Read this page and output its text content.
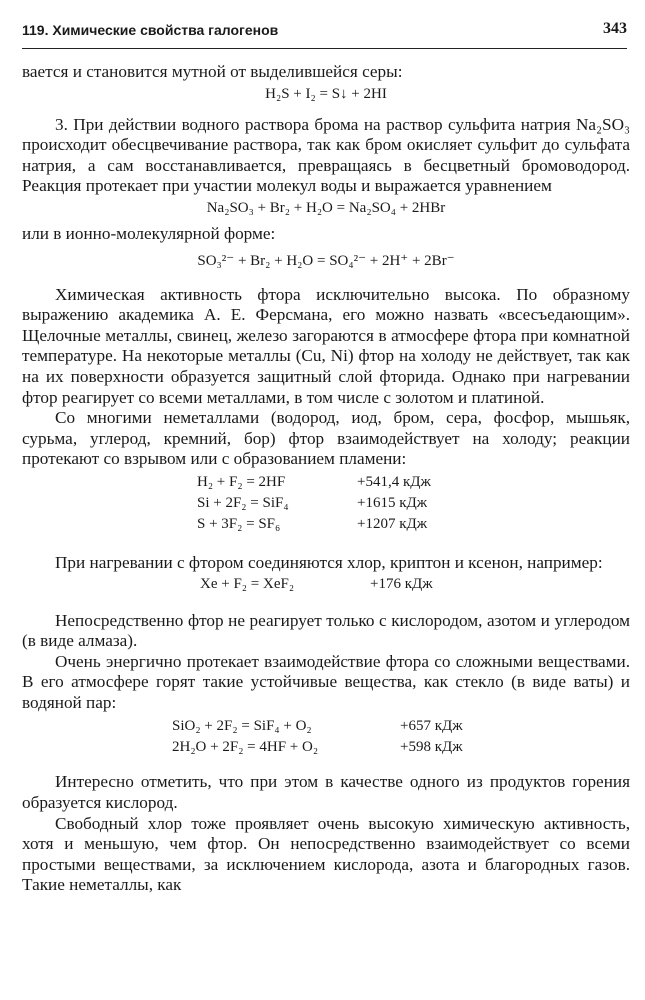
119. Химические свойства галогенов	343

вается и становится мутной от выделившейся серы:

H₂S + I₂ = S↓ + 2HI

3. При действии водного раствора брома на раствор сульфита натрия Na₂SO₃ происходит обесцвечивание раствора, так как бром окисляет сульфит до сульфата натрия, а сам восстанавливается, превращаясь в бесцветный бромоводород. Реакция протекает при участии молекул воды и выражается уравнением

Na₂SO₃ + Br₂ + H₂O = Na₂SO₄ + 2HBr

или в ионно-молекулярной форме:

SO₃²⁻ + Br₂ + H₂O = SO₄²⁻ + 2H⁺ + 2Br⁻

Химическая активность фтора исключительно высока. По образному выражению академика А. Е. Ферсмана, его можно назвать «всесъедающим». Щелочные металлы, свинец, железо загораются в атмосфере фтора при комнатной температуре. На некоторые металлы (Cu, Ni) фтор на холоду не действует, так как на их поверхности образуется защитный слой фторида. Однако при нагревании фтор реагирует со всеми металлами, в том числе с золотом и платиной.

Со многими неметаллами (водород, иод, бром, сера, фосфор, мышьяк, сурьма, углерод, кремний, бор) фтор взаимодействует на холоду; реакции протекают со взрывом или с образованием пламени:

H₂ + F₂ = 2HF	+541,4 кДж
Si + 2F₂ = SiF₄	+1615 кДж
S + 3F₂ = SF₆	+1207 кДж

При нагревании с фтором соединяются хлор, криптон и ксенон, например:

Xe + F₂ = XeF₂	+176 кДж

Непосредственно фтор не реагирует только с кислородом, азотом и углеродом (в виде алмаза).

Очень энергично протекает взаимодействие фтора со сложными веществами. В его атмосфере горят такие устойчивые вещества, как стекло (в виде ваты) и водяной пар:

SiO₂ + 2F₂ = SiF₄ + O₂	+657 кДж
2H₂O + 2F₂ = 4HF + O₂	+598 кДж

Интересно отметить, что при этом в качестве одного из продуктов горения образуется кислород.

Свободный хлор тоже проявляет очень высокую химическую активность, хотя и меньшую, чем фтор. Он непосредственно взаимодействует со всеми простыми веществами, за исключением кислорода, азота и благородных газов. Такие неметаллы, как
